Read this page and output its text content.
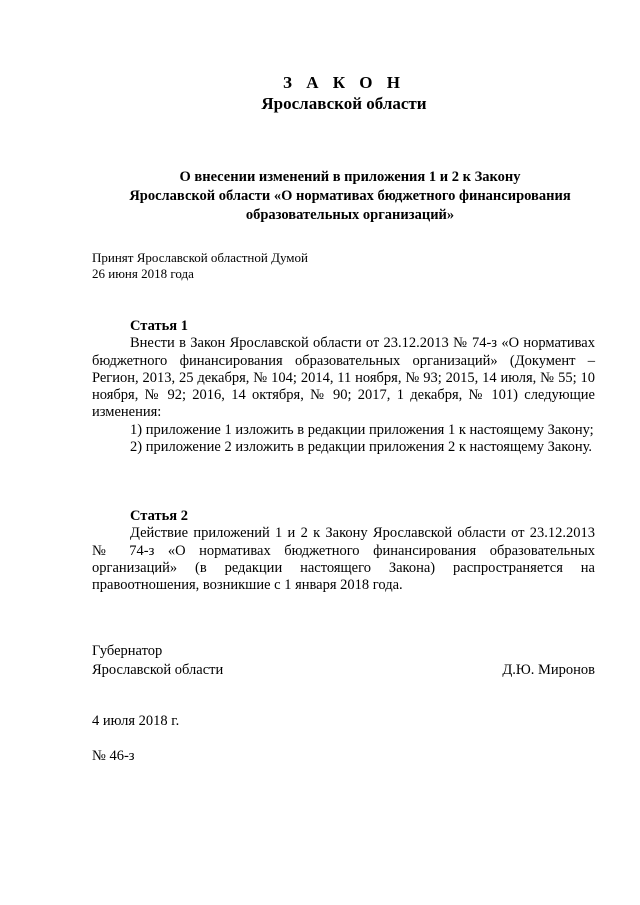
З А К О Н
Ярославской области
О внесении изменений в приложения 1 и 2 к Закону
Ярославской области «О нормативах бюджетного финансирования
образовательных организаций»
Принят Ярославской областной Думой
26 июня 2018 года
Статья 1

Внести в Закон Ярославской области от 23.12.2013 № 74-з «О нормативах бюджетного финансирования образовательных организаций» (Документ – Регион, 2013, 25 декабря, № 104; 2014, 11 ноября, № 93; 2015, 14 июля, № 55; 10 ноября, № 92; 2016, 14 октября, № 90; 2017, 1 декабря, № 101) следующие изменения:

1) приложение 1 изложить в редакции приложения 1 к настоящему Закону;

2) приложение 2 изложить в редакции приложения 2 к настоящему Закону.

Статья 2

Действие приложений 1 и 2 к Закону Ярославской области от 23.12.2013 № 74-з «О нормативах бюджетного финансирования образовательных организаций» (в редакции настоящего Закона) распространяется на правоотношения, возникшие с 1 января 2018 года.

Губернатор
Ярославской области	Д.Ю. Миронов
4 июля 2018 г.
№ 46-з
